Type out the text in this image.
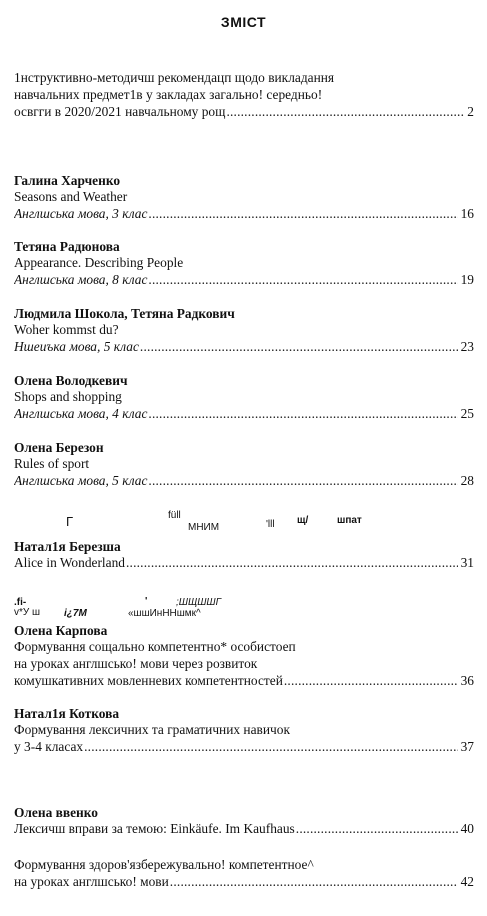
ЗМІСТ
1нструктивно-методичш рекомендацп щодо викладання
навчальних предмет1в у закладах загально! середньо!
освгги в 2020/2021 навчальному рощ .....	2
Галина Харченко
Seasons and Weather
Англшська мова, 3 клас .....	16
Тетяна Радюнова
Appearance. Describing People
Англшська мова, 8 клас .....	19
Людмила Шокола, Тетяна Радкович
Woher kommst du?
Ншеиъка мова, 5 клас .....	23
Олена Володкевич
Shops and shopping
Англшська мова, 4 клас .....	25
Олена Березон
Rules of sport
Англшська мова, 5 клас .....	28
Г	füll
МНИМ	'lll щ/	шпат
Натал1я Березша
Alice in Wonderland .....	31
.fi-
v*У ш i¿7M
'	;ШЩШШГ
«шшИнННшмк^
Олена Карпова
Формування сощально компетентно* особистоеп
на уроках англшсько! мови через розвиток
комушкативних мовленневих компетентностей .....	36
Натал1я Коткова
Формування лексичних та граматичних навичок
у 3-4 класах .....	37
Олена ввенко
Лексичш вправи за темою: Einkäufe. Im Kaufhaus .....	40
Формування здоров'язбережувально! компетентное^
на уроках англшсько! мови .....	42
